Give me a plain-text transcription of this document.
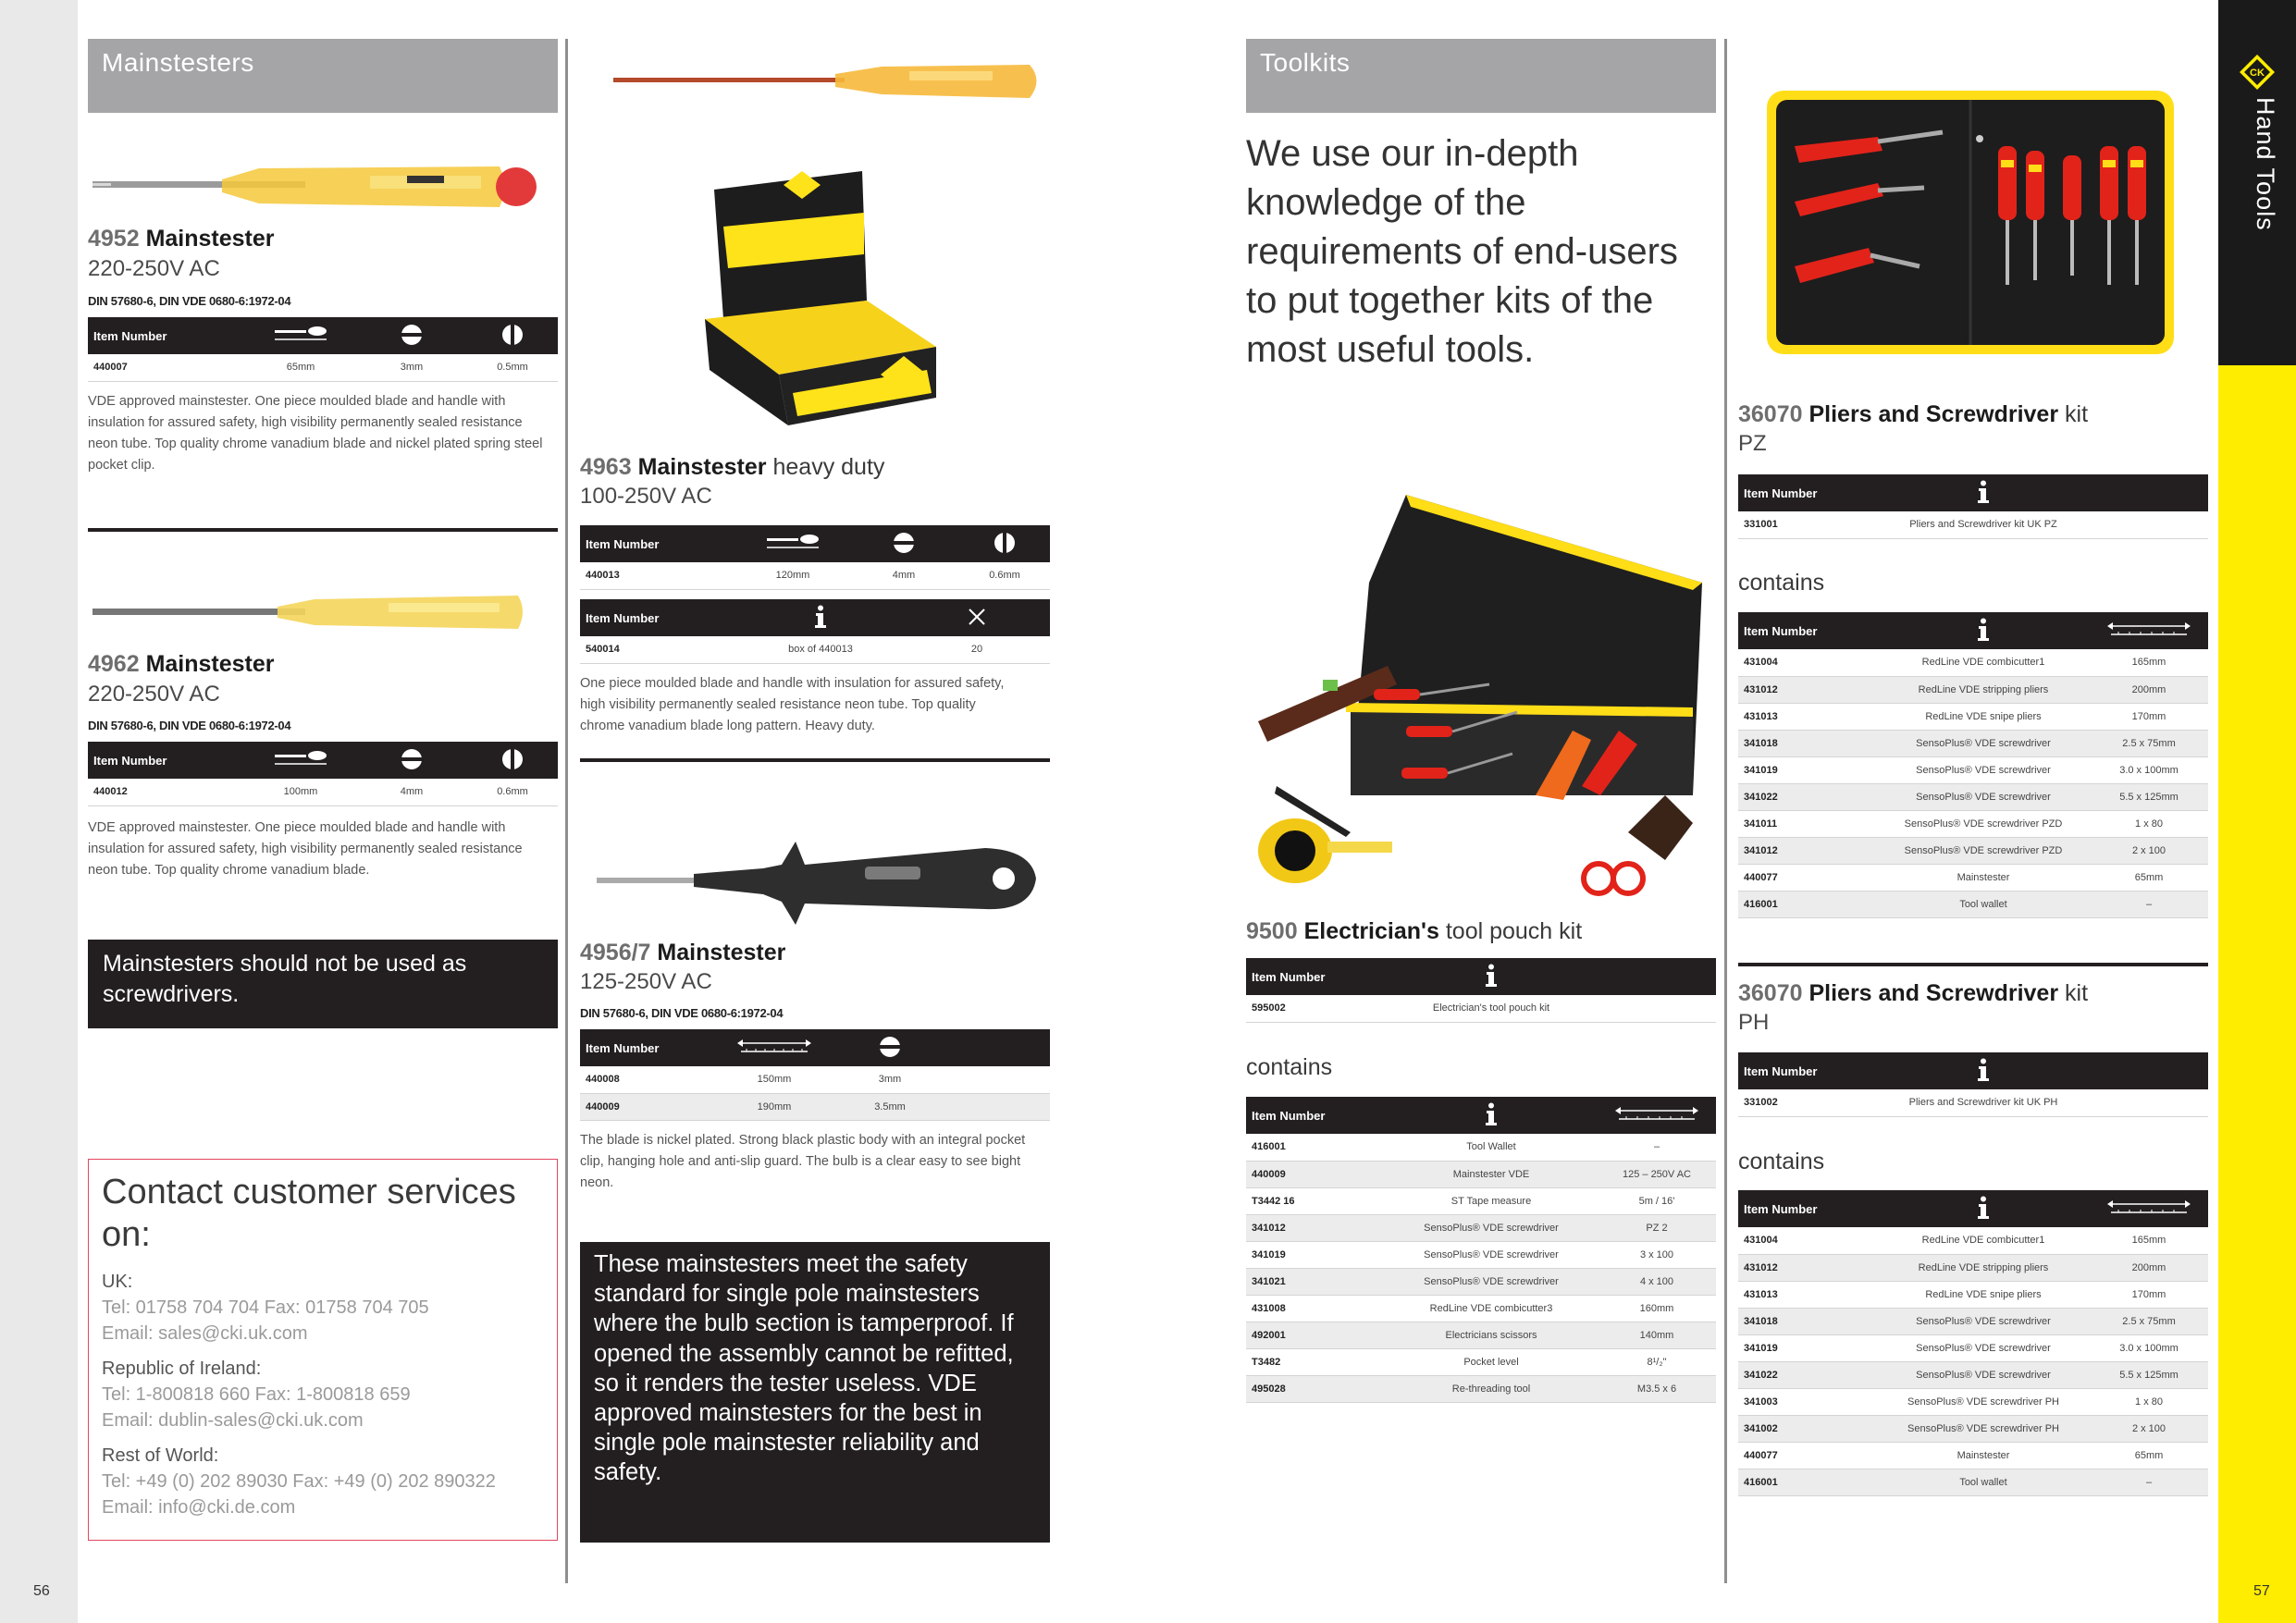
CK
Hand Tools
56	57
Mainstesters
4952 Mainstester
220-250V AC
DIN 57680-6, DIN VDE 0680-6:1972-04
Item Number			
440007	65mm	3mm	0.5mm
VDE approved mainstester. One piece moulded blade and handle with insulation for assured safety, high visibility permanently sealed resistance neon tube. Top quality chrome vanadium blade and nickel plated spring steel pocket clip.
4962 Mainstester
220-250V AC
DIN 57680-6, DIN VDE 0680-6:1972-04
Item Number			
440012	100mm	4mm	0.6mm
VDE approved mainstester. One piece moulded blade and handle with insulation for assured safety, high visibility permanently sealed resistance neon tube. Top quality chrome vanadium blade.
Mainstesters should not be used as screwdrivers.
Contact customer services on:
UK:
Tel: 01758 704 704 Fax: 01758 704 705
Email: sales@cki.uk.com
Republic of Ireland:
Tel: 1-800818 660 Fax: 1-800818 659
Email: dublin-sales@cki.uk.com
Rest of World:
Tel: +49 (0) 202 89030 Fax: +49 (0) 202 890322
Email: info@cki.de.com
4963 Mainstester heavy duty
100-250V AC
Item Number			
440013	120mm	4mm	0.6mm
Item Number		
540014	box of 440013	20
One piece moulded blade and handle with insulation for assured safety, high visibility permanently sealed resistance neon tube. Top quality chrome vanadium blade long pattern. Heavy duty.
4956/7 Mainstester
125-250V AC
DIN 57680-6, DIN VDE 0680-6:1972-04
Item Number			
440008	150mm	3mm	
440009	190mm	3.5mm	
The blade is nickel plated. Strong black plastic body with an integral pocket clip, hanging hole and anti-slip guard. The bulb is a clear easy to see bight neon.
These mainstesters meet the safety standard for single pole mainstesters where the bulb section is tamperproof. If opened the assembly cannot be refitted, so it renders the tester useless. VDE approved mainstesters for the best in single pole mainstester reliability and safety.
Toolkits
We use our in-depth knowledge of the requirements of end-users to put together kits of the most useful tools.
9500 Electrician's tool pouch kit
Item Number		
595002	Electrician's tool pouch kit	
contains
Item Number		
416001	Tool Wallet	–
440009	Mainstester VDE	125 – 250V AC
T3442 16	ST Tape measure	5m / 16'
341012	SensoPlus® VDE screwdriver	PZ 2
341019	SensoPlus® VDE screwdriver	3 x 100
341021	SensoPlus® VDE screwdriver	4 x 100
431008	RedLine VDE combicutter3	160mm
492001	Electricians scissors	140mm
T3482	Pocket level	8¹/₂"
495028	Re-threading tool	M3.5 x 6
36070 Pliers and Screwdriver kit
PZ
Item Number		
331001	Pliers and Screwdriver kit UK PZ	
contains
Item Number		
431004	RedLine VDE combicutter1	165mm
431012	RedLine VDE stripping pliers	200mm
431013	RedLine VDE snipe pliers	170mm
341018	SensoPlus® VDE screwdriver	2.5 x 75mm
341019	SensoPlus® VDE screwdriver	3.0 x 100mm
341022	SensoPlus® VDE screwdriver	5.5 x 125mm
341011	SensoPlus® VDE screwdriver PZD	1 x 80
341012	SensoPlus® VDE screwdriver PZD	2 x 100
440077	Mainstester	65mm
416001	Tool wallet	–
36070 Pliers and Screwdriver kit
PH
Item Number		
331002	Pliers and Screwdriver kit UK PH	
contains
Item Number		
431004	RedLine VDE combicutter1	165mm
431012	RedLine VDE stripping pliers	200mm
431013	RedLine VDE snipe pliers	170mm
341018	SensoPlus® VDE screwdriver	2.5 x 75mm
341019	SensoPlus® VDE screwdriver	3.0 x 100mm
341022	SensoPlus® VDE screwdriver	5.5 x 125mm
341003	SensoPlus® VDE screwdriver PH	1 x 80
341002	SensoPlus® VDE screwdriver PH	2 x 100
440077	Mainstester	65mm
416001	Tool wallet	–
